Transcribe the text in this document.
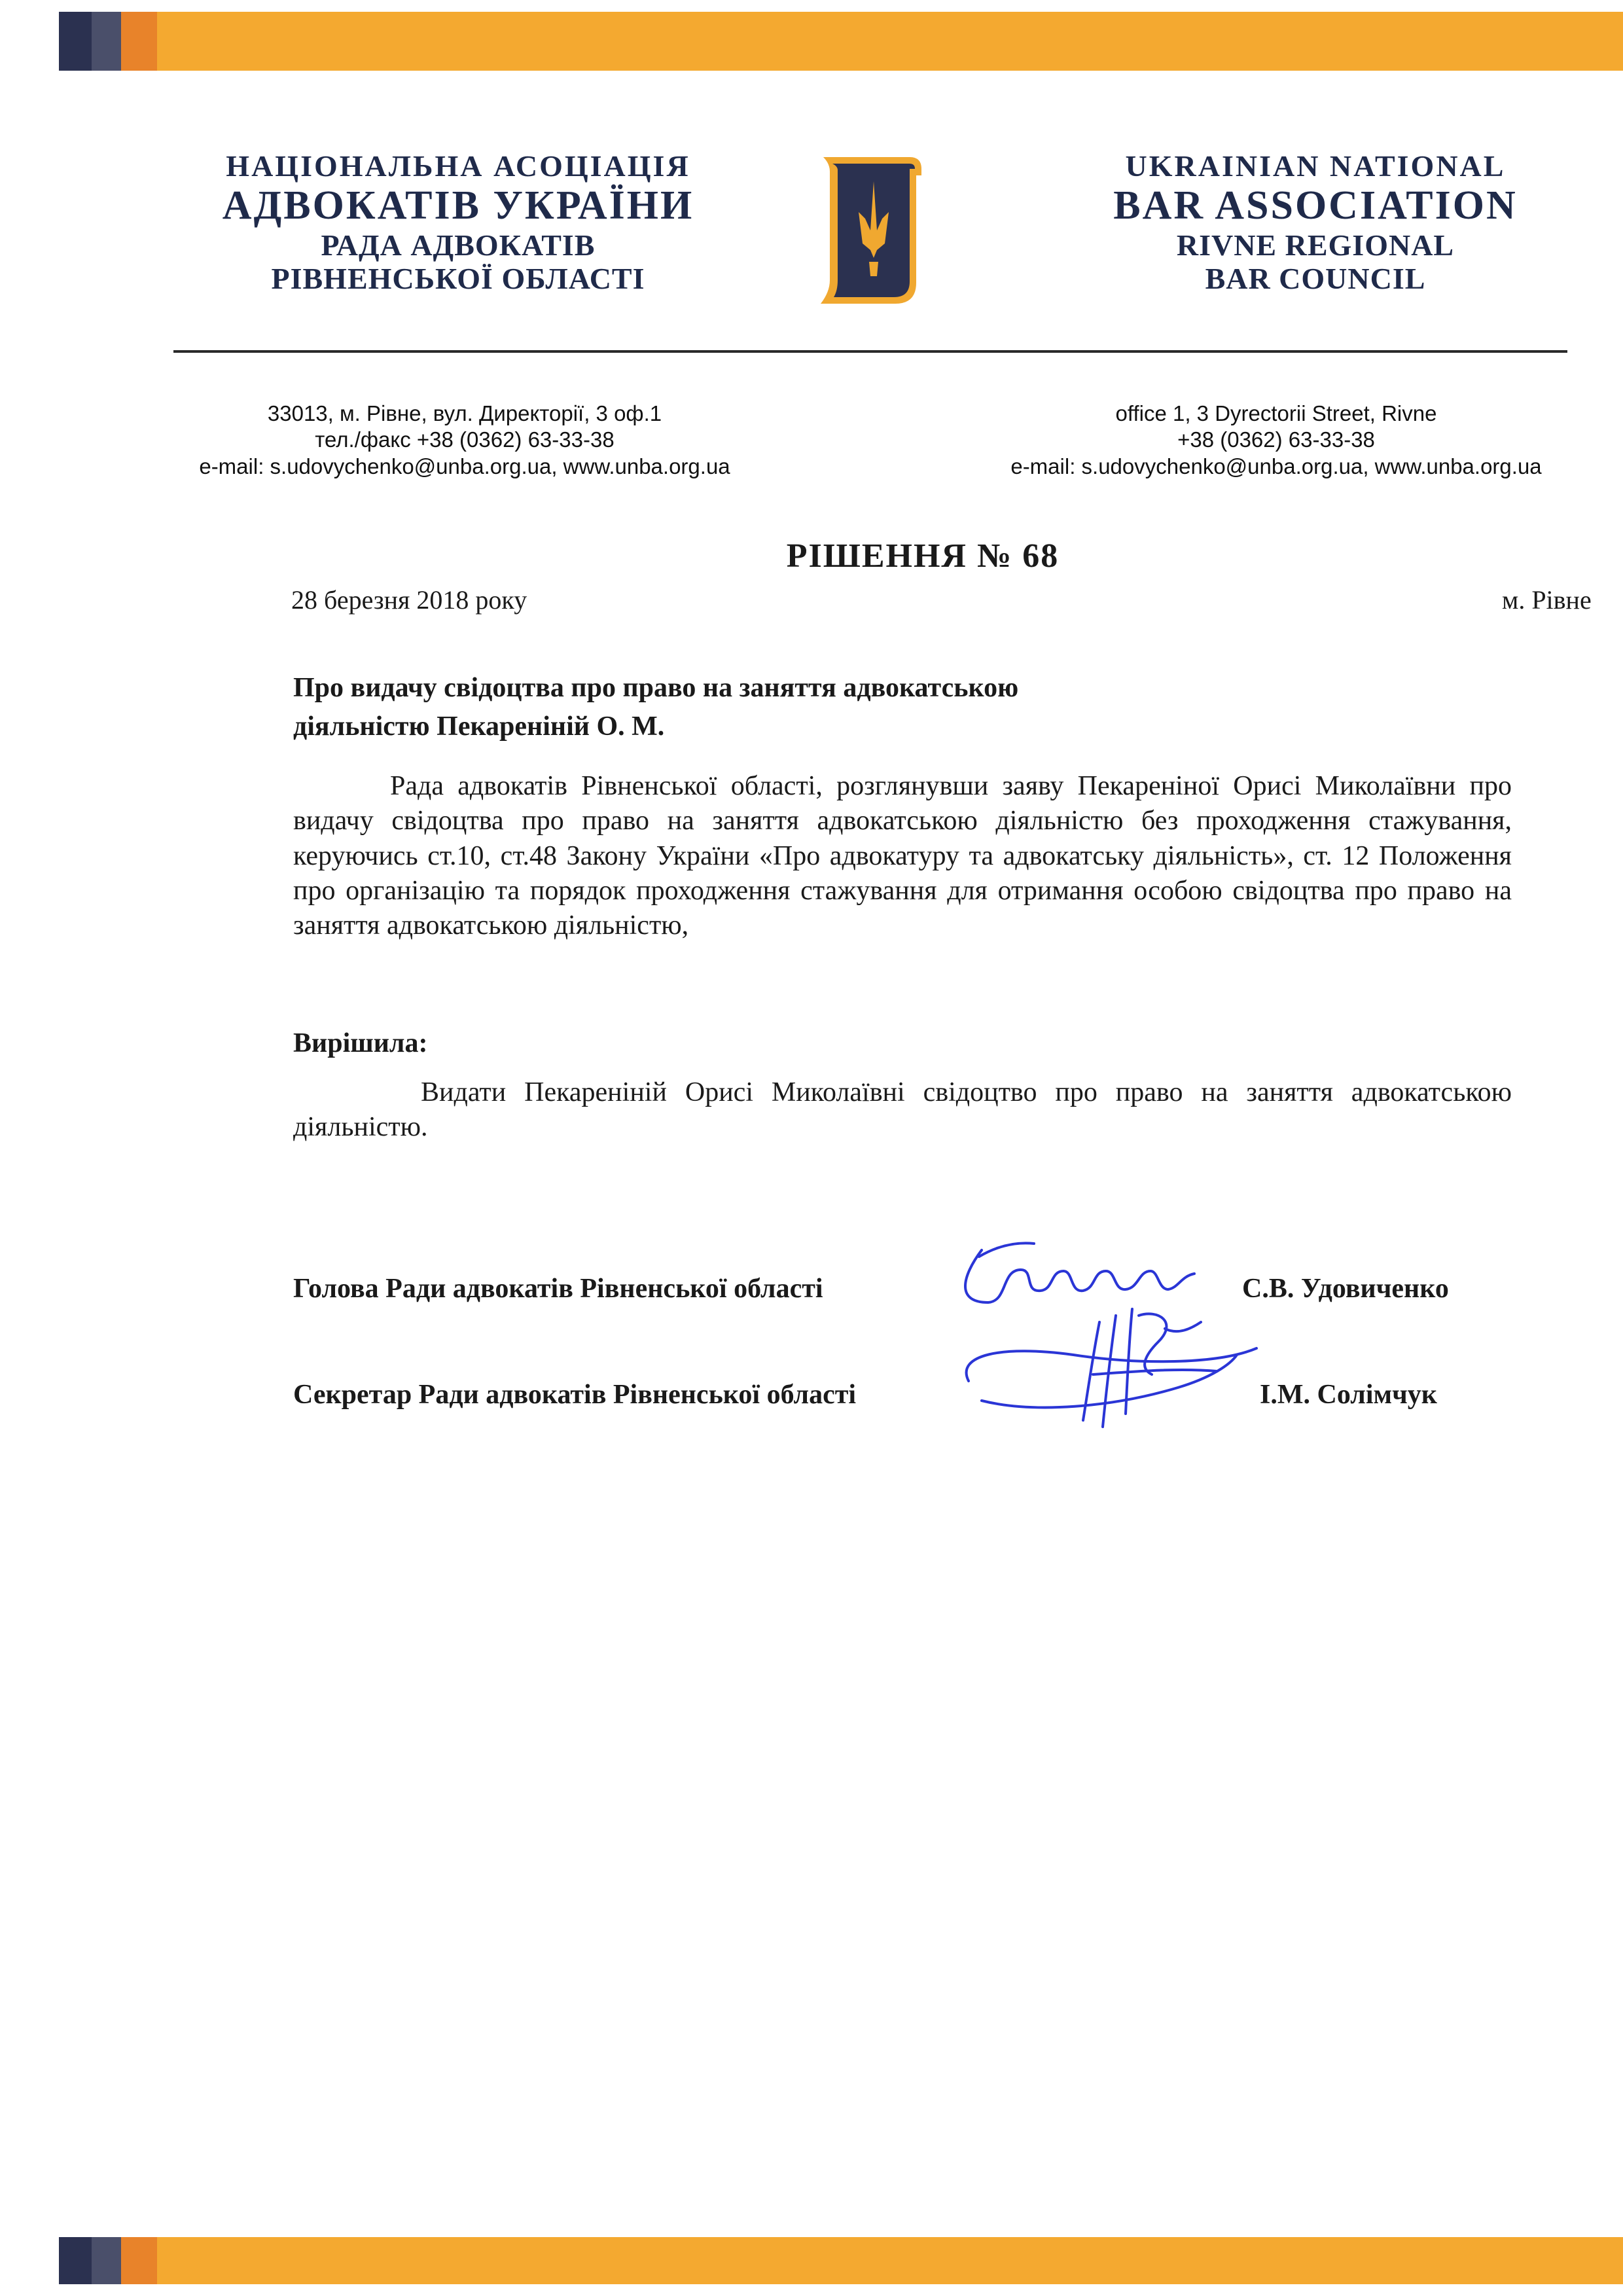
НАЦІОНАЛЬНА АСОЦІАЦІЯ
АДВОКАТІВ УКРАЇНИ
РАДА АДВОКАТІВ
РІВНЕНСЬКОЇ ОБЛАСТІ
UKRAINIAN NATIONAL
BAR ASSOCIATION
RIVNE REGIONAL
BAR COUNCIL
33013, м. Рівне, вул. Директорії, 3 оф.1
тел./факс +38 (0362) 63-33-38
e-mail: s.udovychenko@unba.org.ua, www.unba.org.ua
office 1, 3 Dyrectorii Street, Rivne
+38 (0362) 63-33-38
e-mail: s.udovychenko@unba.org.ua, www.unba.org.ua
РІШЕННЯ № 68
28 березня 2018 року	м. Рівне
Про видачу свідоцтва про право на заняття адвокатською
діяльністю Пекаренiнiй О. М.
Рада адвокатів Рівненської області, розглянувши заяву Пекареніної Орисі Миколаївни про видачу свідоцтва про право на заняття адвокатською діяльністю без проходження стажування, керуючись ст.10, ст.48 Закону України «Про адвокатуру та адвокатську діяльність», ст. 12 Положення про організацію та порядок проходження стажування для отримання особою свідоцтва про право на заняття адвокатською діяльністю,
Вирішила:
Видати Пекареніній Орисі Миколаївні свідоцтво про право на заняття адвокатською діяльністю.
Голова Ради адвокатів Рівненської області	С.В. Удовиченко
Секретар Ради адвокатів Рівненської області	І.М. Солімчук
